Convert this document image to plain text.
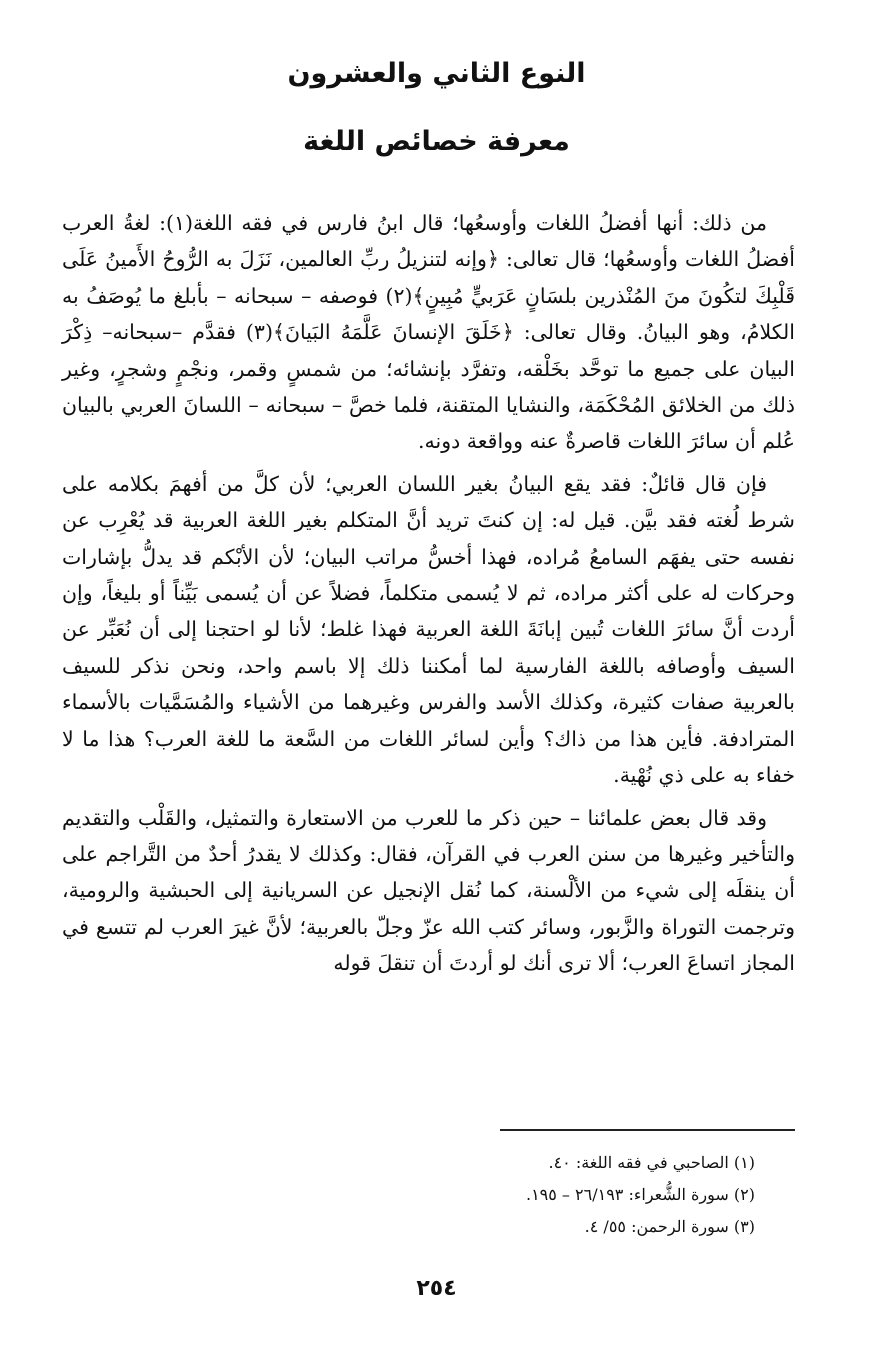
النوع الثاني والعشرون
معرفة خصائص اللغة

من ذلك: أنها أفضلُ اللغات وأوسعُها؛ قال ابنُ فارس في فقه اللغة(١): لغةُ العرب أفضلُ اللغات وأوسعُها؛ قال تعالى: ﴿وإنه لتنزيلُ ربِّ العالمين، نَزَلَ به الرُّوحُ الأَمينُ عَلَى قَلْبِكَ لتكُونَ منَ المُنْذرين بلسَانٍ عَرَبيٍّ مُبِينٍ﴾(٢) فوصفه – سبحانه – بأبلغ ما يُوصَفُ به الكلامُ، وهو البيانُ. وقال تعالى: ﴿خَلَقَ الإنسانَ عَلَّمَهُ البَيانَ﴾(٣) فقدَّم –سبحانه– ذِكْرَ البيان على جميع ما توحَّد بخَلْقه، وتفرَّد بإنشائه؛ من شمسٍ وقمر، ونجْمٍ وشجرٍ، وغير ذلك من الخلائق المُحْكَمَة، والنشايا المتقنة، فلما خصَّ – سبحانه – اللسانَ العربي بالبيان عُلم أن سائرَ اللغات قاصرةٌ عنه وواقعة دونه.

فإن قال قائلٌ: فقد يقع البيانُ بغير اللسان العربي؛ لأن كلَّ من أفهمَ بكلامه على شرط لُغته فقد بيَّن. قيل له: إن كنتَ تريد أنَّ المتكلم بغير اللغة العربية قد يُعْرِب عن نفسه حتى يفهَم السامعُ مُراده، فهذا أخسُّ مراتب البيان؛ لأن الأبْكم قد يدلُّ بإشارات وحركات له على أكثر مراده، ثم لا يُسمى متكلماً، فضلاً عن أن يُسمى بَيِّناً أو بليغاً، وإن أردت أنَّ سائرَ اللغات تُبين إبانَةَ اللغة العربية فهذا غلط؛ لأنا لو احتجنا إلى أن نُعَبِّر عن السيف وأوصافه باللغة الفارسية لما أمكننا ذلك إلا باسم واحد، ونحن نذكر للسيف بالعربية صفات كثيرة، وكذلك الأسد والفرس وغيرهما من الأشياء والمُسَمَّيات بالأسماء المترادفة. فأين هذا من ذاك؟ وأين لسائر اللغات من السَّعة ما للغة العرب؟ هذا ما لا خفاء به على ذي نُهْية.

وقد قال بعض علمائنا – حين ذكر ما للعرب من الاستعارة والتمثيل، والقَلْب والتقديم والتأخير وغيرها من سنن العرب في القرآن، فقال: وكذلك لا يقدرُ أحدٌ من التَّراجم على أن ينقلَه إلى شيء من الألْسنة، كما نُقل الإنجيل عن السريانية إلى الحبشية والرومية، وترجمت التوراة والزَّبور، وسائر كتب الله عزّ وجلّ بالعربية؛ لأنَّ غيرَ العرب لم تتسع في المجاز اتساعَ العرب؛ ألا ترى أنك لو أردتَ أن تنقلَ قوله

(١) الصاحبي في فقه اللغة: ٤٠.
(٢) سورة الشُّعراء: ٢٦/١٩٣ – ١٩٥.
(٣) سورة الرحمن: ٥٥/ ٤.
٢٥٤
